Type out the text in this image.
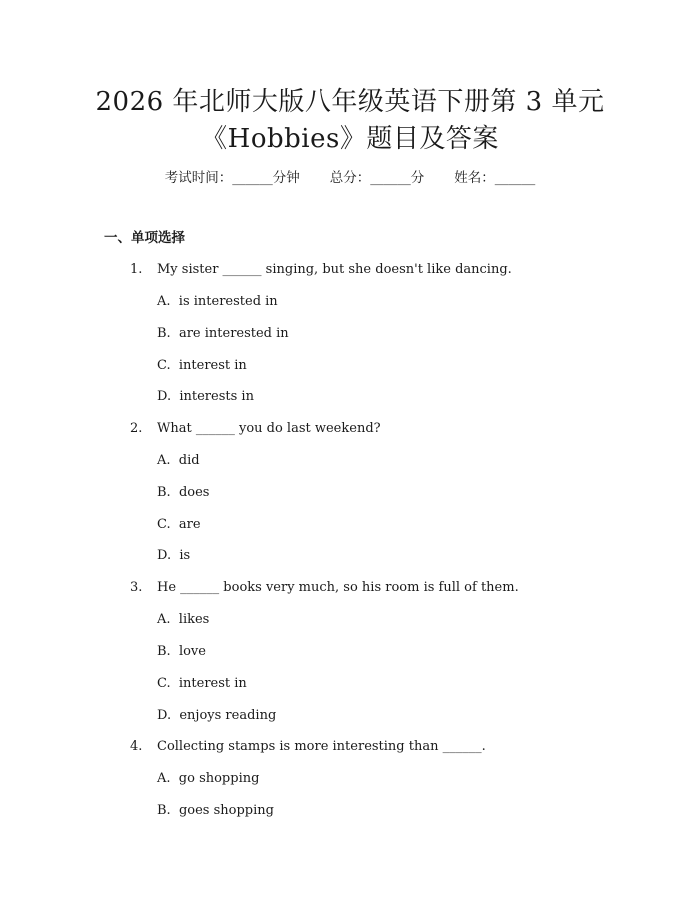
2026 年北师大版八年级英语下册第 3 单元
《Hobbies》题目及答案
考试时间：______分钟 总分：______分 姓名：______
一、单项选择
1. My sister ______ singing, but she doesn't like dancing.
A.  is interested in
B.  are interested in
C.  interest in
D.  interests in
2. What ______ you do last weekend?
A.  did
B.  does
C.  are
D.  is
3. He ______ books very much, so his room is full of them.
A.  likes
B.  love
C.  interest in
D.  enjoys reading
4. Collecting stamps is more interesting than ______.
A.  go shopping
B.  goes shopping
